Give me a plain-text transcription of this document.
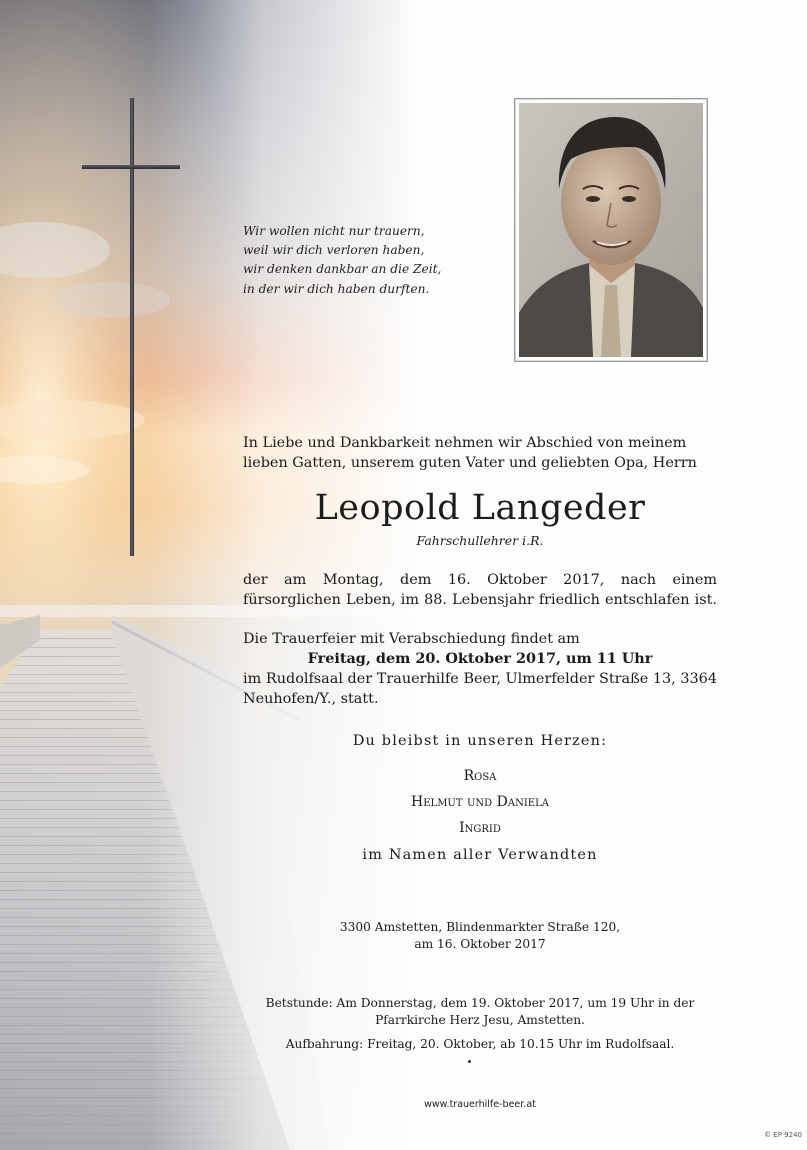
Wir wollen nicht nur trauern,
weil wir dich verloren haben,
wir denken dankbar an die Zeit,
in der wir dich haben durften.
In Liebe und Dankbarkeit nehmen wir Abschied von meinem
lieben Gatten, unserem guten Vater und geliebten Opa, Herrn
Leopold Langeder
Fahrschullehrer i.R.
der am Montag, dem 16. Oktober 2017, nach einem
fürsorglichen Leben, im 88. Lebensjahr friedlich entschlafen ist.
Die Trauerfeier mit Verabschiedung findet am
Freitag, dem 20. Oktober 2017, um 11 Uhr
im Rudolfsaal der Trauerhilfe Beer, Ulmerfelder Straße 13, 3364
Neuhofen/Y., statt.
Du bleibst in unseren Herzen:
Rosa
Helmut und Daniela
Ingrid
im Namen aller Verwandten
3300 Amstetten, Blindenmarkter Straße 120,
am 16. Oktober 2017
Betstunde: Am Donnerstag, dem 19. Oktober 2017, um 19 Uhr in der
Pfarrkirche Herz Jesu, Amstetten.
Aufbahrung: Freitag, 20. Oktober, ab 10.15 Uhr im Rudolfsaal.
www.trauerhilfe-beer.at
© EP 9240
